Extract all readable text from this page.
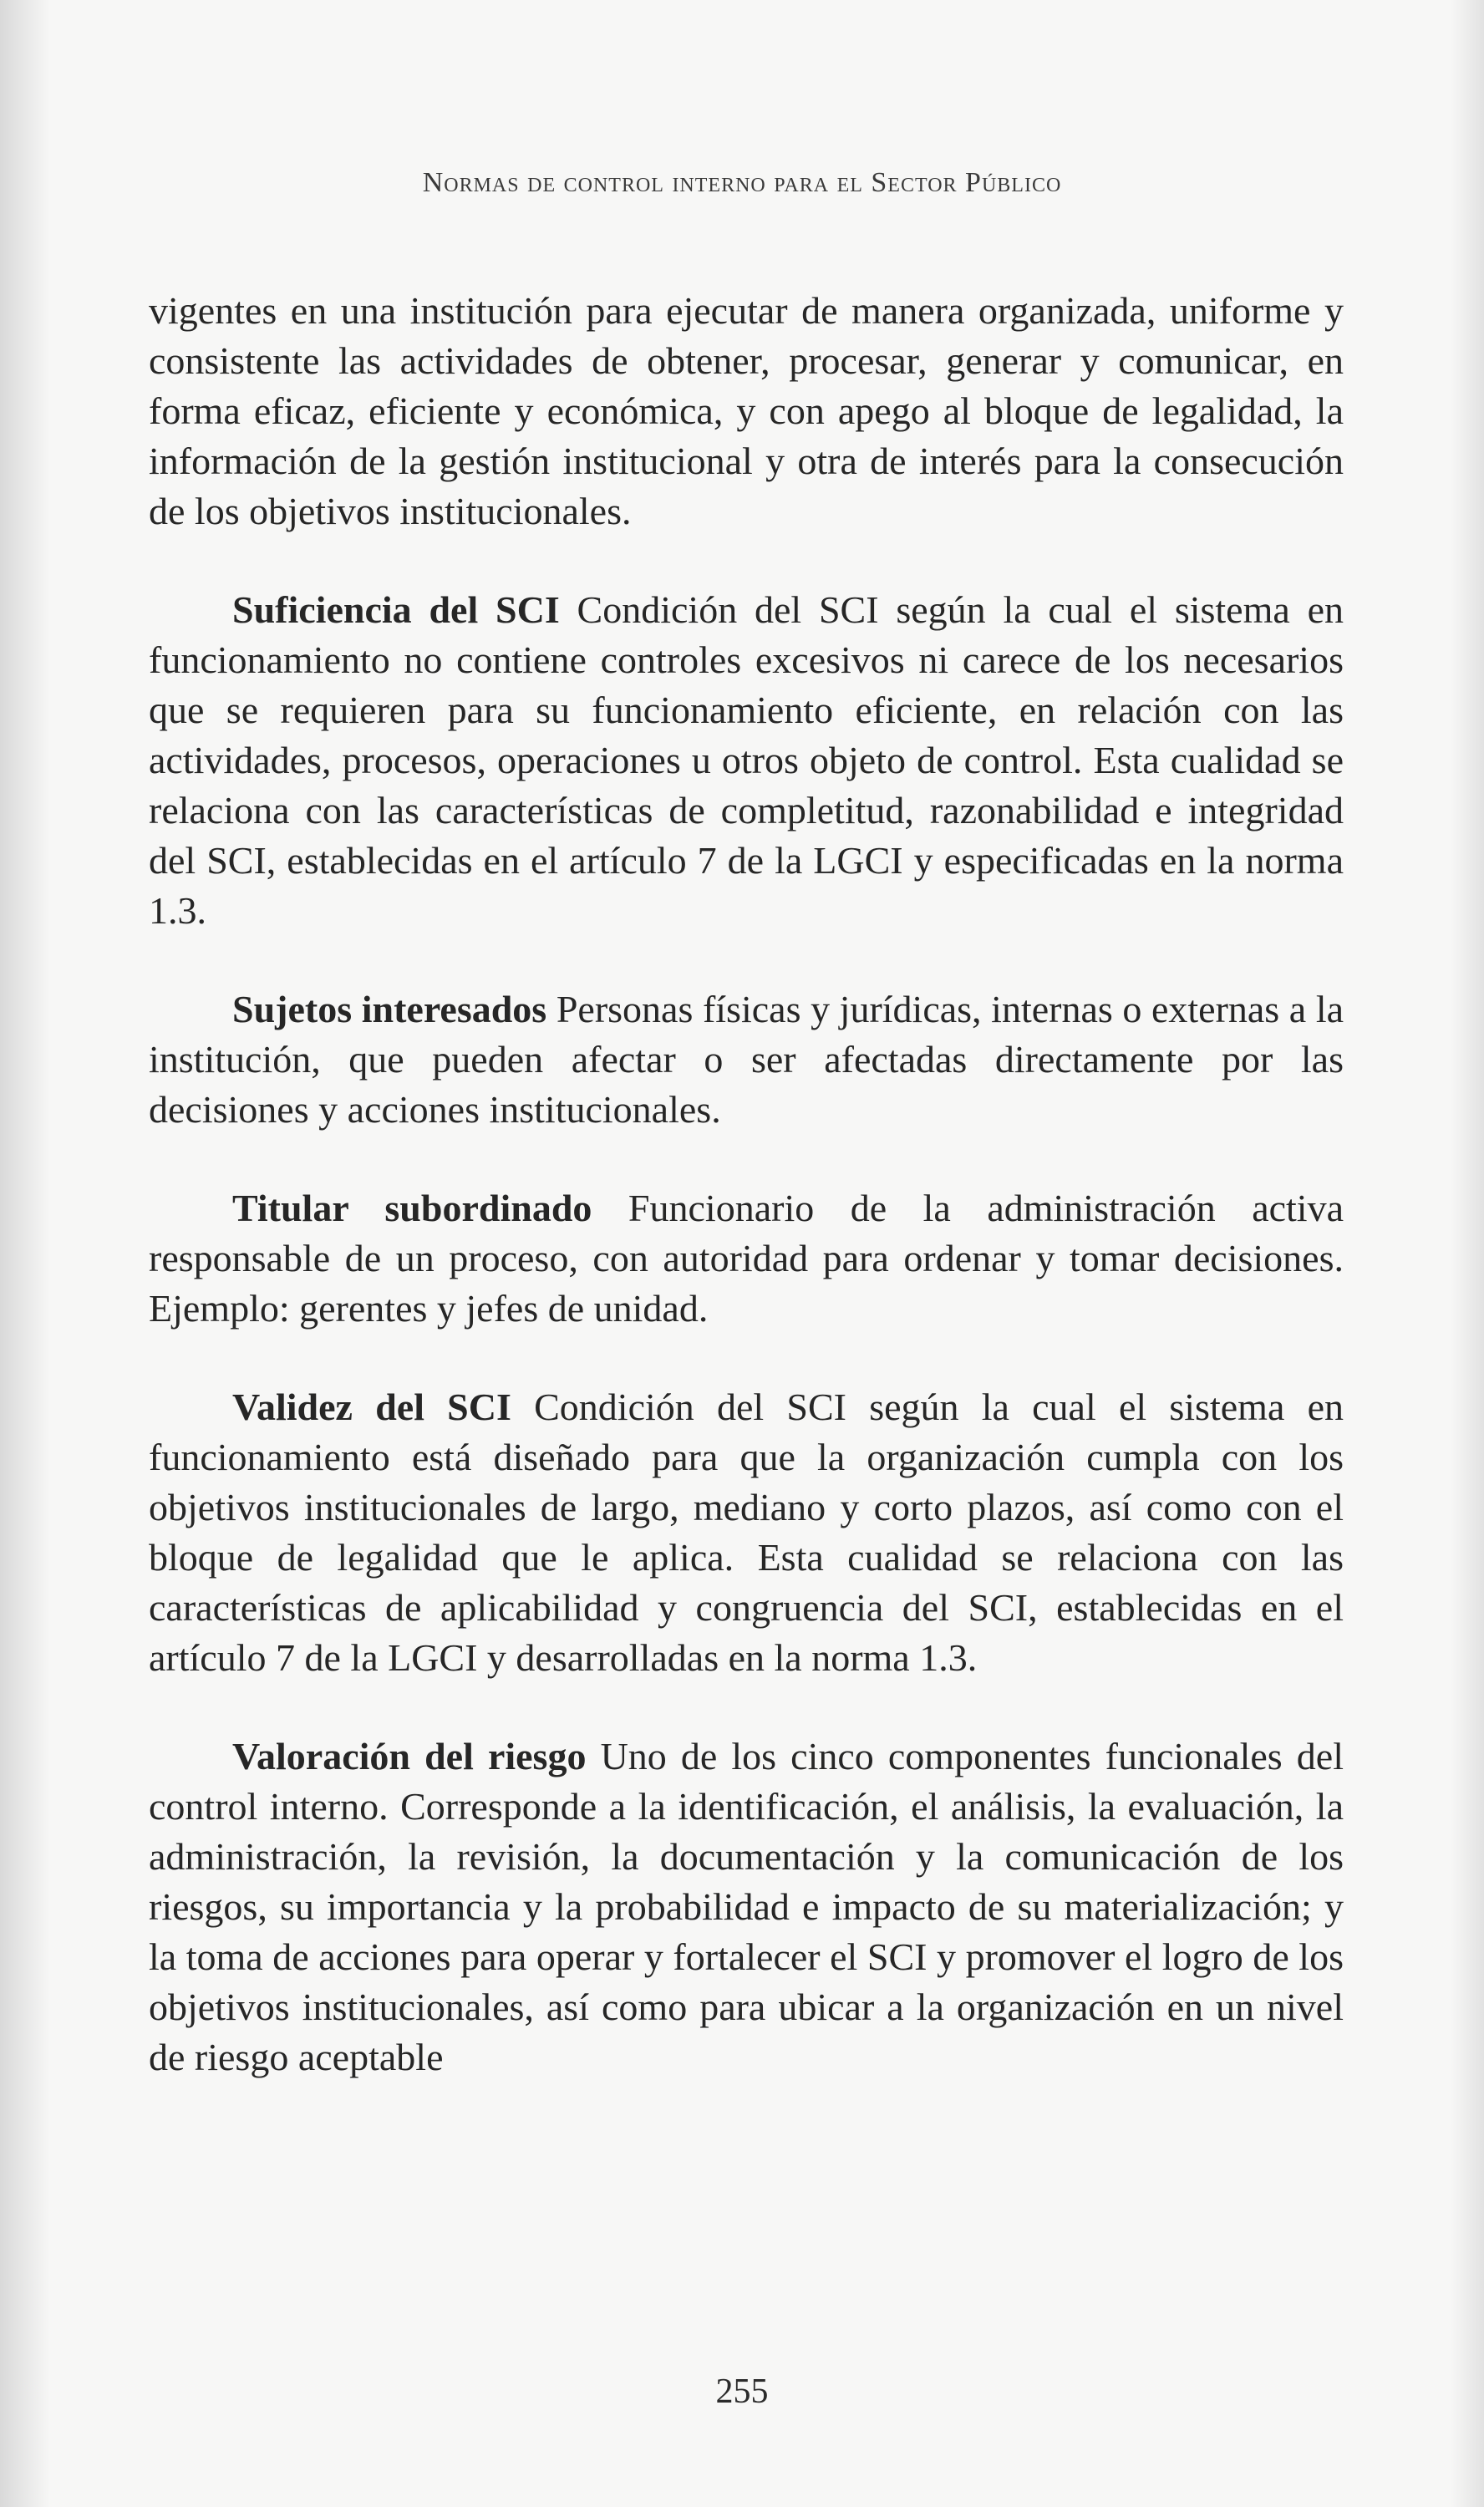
Normas de control interno para el Sector Público

vigentes en una institución para ejecutar de manera organizada, uniforme y consistente las actividades de obtener, procesar, generar y comunicar, en forma eficaz, eficiente y económica, y con apego al bloque de legalidad, la información de la gestión institucional y otra de interés para la consecución de los objetivos institucionales.

Suficiencia del SCI Condición del SCI según la cual el sistema en funcionamiento no contiene controles excesivos ni carece de los necesarios que se requieren para su funcionamiento eficiente, en relación con las actividades, procesos, operaciones u otros objeto de control. Esta cualidad se relaciona con las características de completitud, razonabilidad e integridad del SCI, establecidas en el artículo 7 de la LGCI y especificadas en la norma 1.3.

Sujetos interesados Personas físicas y jurídicas, internas o externas a la institución, que pueden afectar o ser afectadas directamente por las decisiones y acciones institucionales.

Titular subordinado Funcionario de la administración activa responsable de un proceso, con autoridad para ordenar y tomar decisiones. Ejemplo: gerentes y jefes de unidad.

Validez del SCI Condición del SCI según la cual el sistema en funcionamiento está diseñado para que la organización cumpla con los objetivos institucionales de largo, mediano y corto plazos, así como con el bloque de legalidad que le aplica. Esta cualidad se relaciona con las características de aplicabilidad y congruencia del SCI, establecidas en el artículo 7 de la LGCI y desarrolladas en la norma 1.3.

Valoración del riesgo Uno de los cinco componentes funcionales del control interno. Corresponde a la identificación, el análisis, la evaluación, la administración, la revisión, la documentación y la comunicación de los riesgos, su importancia y la probabilidad e impacto de su materialización; y la toma de acciones para operar y fortalecer el SCI y promover el logro de los objetivos institucionales, así como para ubicar a la organización en un nivel de riesgo aceptable

255
